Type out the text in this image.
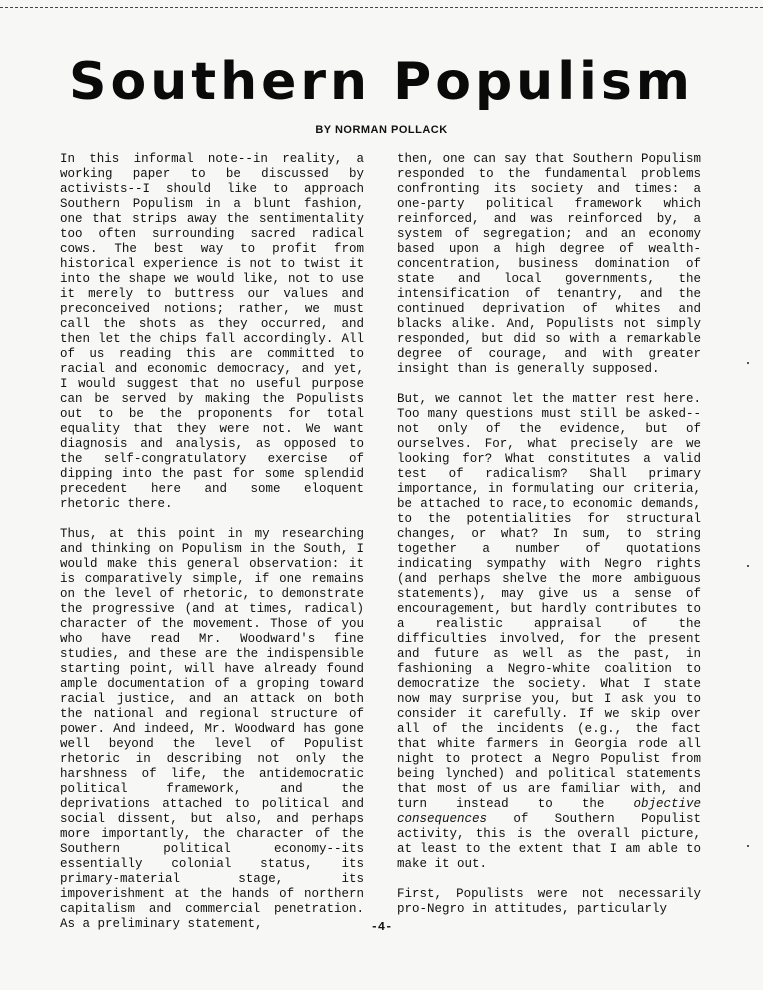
Southern Populism
BY NORMAN POLLACK

In this informal note--in reality, a working paper to be discussed by activists--I should like to approach Southern Populism in a blunt fashion, one that strips away the sentimentality too often surrounding sacred radical cows. The best way to profit from historical experience is not to twist it into the shape we would like, not to use it merely to buttress our values and preconceived notions; rather, we must call the shots as they occurred, and then let the chips fall accordingly. All of us reading this are committed to racial and economic democracy, and yet, I would suggest that no useful purpose can be served by making the Populists out to be the proponents for total equality that they were not. We want diagnosis and analysis, as opposed to the self-congratulatory exercise of dipping into the past for some splendid precedent here and some eloquent rhetoric there.

Thus, at this point in my researching and thinking on Populism in the South, I would make this general observation: it is comparatively simple, if one remains on the level of rhetoric, to demonstrate the progressive (and at times, radical) character of the movement. Those of you who have read Mr. Woodward's fine studies, and these are the indispensible starting point, will have already found ample documentation of a groping toward racial justice, and an attack on both the national and regional structure of power. And indeed, Mr. Woodward has gone well beyond the level of Populist rhetoric in describing not only the harshness of life, the antidemocratic political framework, and the deprivations attached to political and social dissent, but also, and perhaps more importantly, the character of the Southern political economy--its essentially colonial status, its primary-material stage, its impoverishment at the hands of northern capitalism and commercial penetration. As a preliminary statement,

then, one can say that Southern Populism responded to the fundamental problems confronting its society and times: a one-party political framework which reinforced, and was reinforced by, a system of segregation; and an economy based upon a high degree of wealth-concentration, business domination of state and local governments, the intensification of tenantry, and the continued deprivation of whites and blacks alike. And, Populists not simply responded, but did so with a remarkable degree of courage, and with greater insight than is generally supposed.

But, we cannot let the matter rest here. Too many questions must still be asked--not only of the evidence, but of ourselves. For, what precisely are we looking for? What constitutes a valid test of radicalism? Shall primary importance, in formulating our criteria, be attached to race,to economic demands, to the potentialities for structural changes, or what? In sum, to string together a number of quotations indicating sympathy with Negro rights (and perhaps shelve the more ambiguous statements), may give us a sense of encouragement, but hardly contributes to a realistic appraisal of the difficulties involved, for the present and future as well as the past, in fashioning a Negro-white coalition to democratize the society. What I state now may surprise you, but I ask you to consider it carefully. If we skip over all of the incidents (e.g., the fact that white farmers in Georgia rode all night to protect a Negro Populist from being lynched) and political statements that most of us are familiar with, and turn instead to the objective consequences of Southern Populist activity, this is the overall picture, at least to the extent that I am able to make it out.

First, Populists were not necessarily pro-Negro in attitudes, particularly

-4-
